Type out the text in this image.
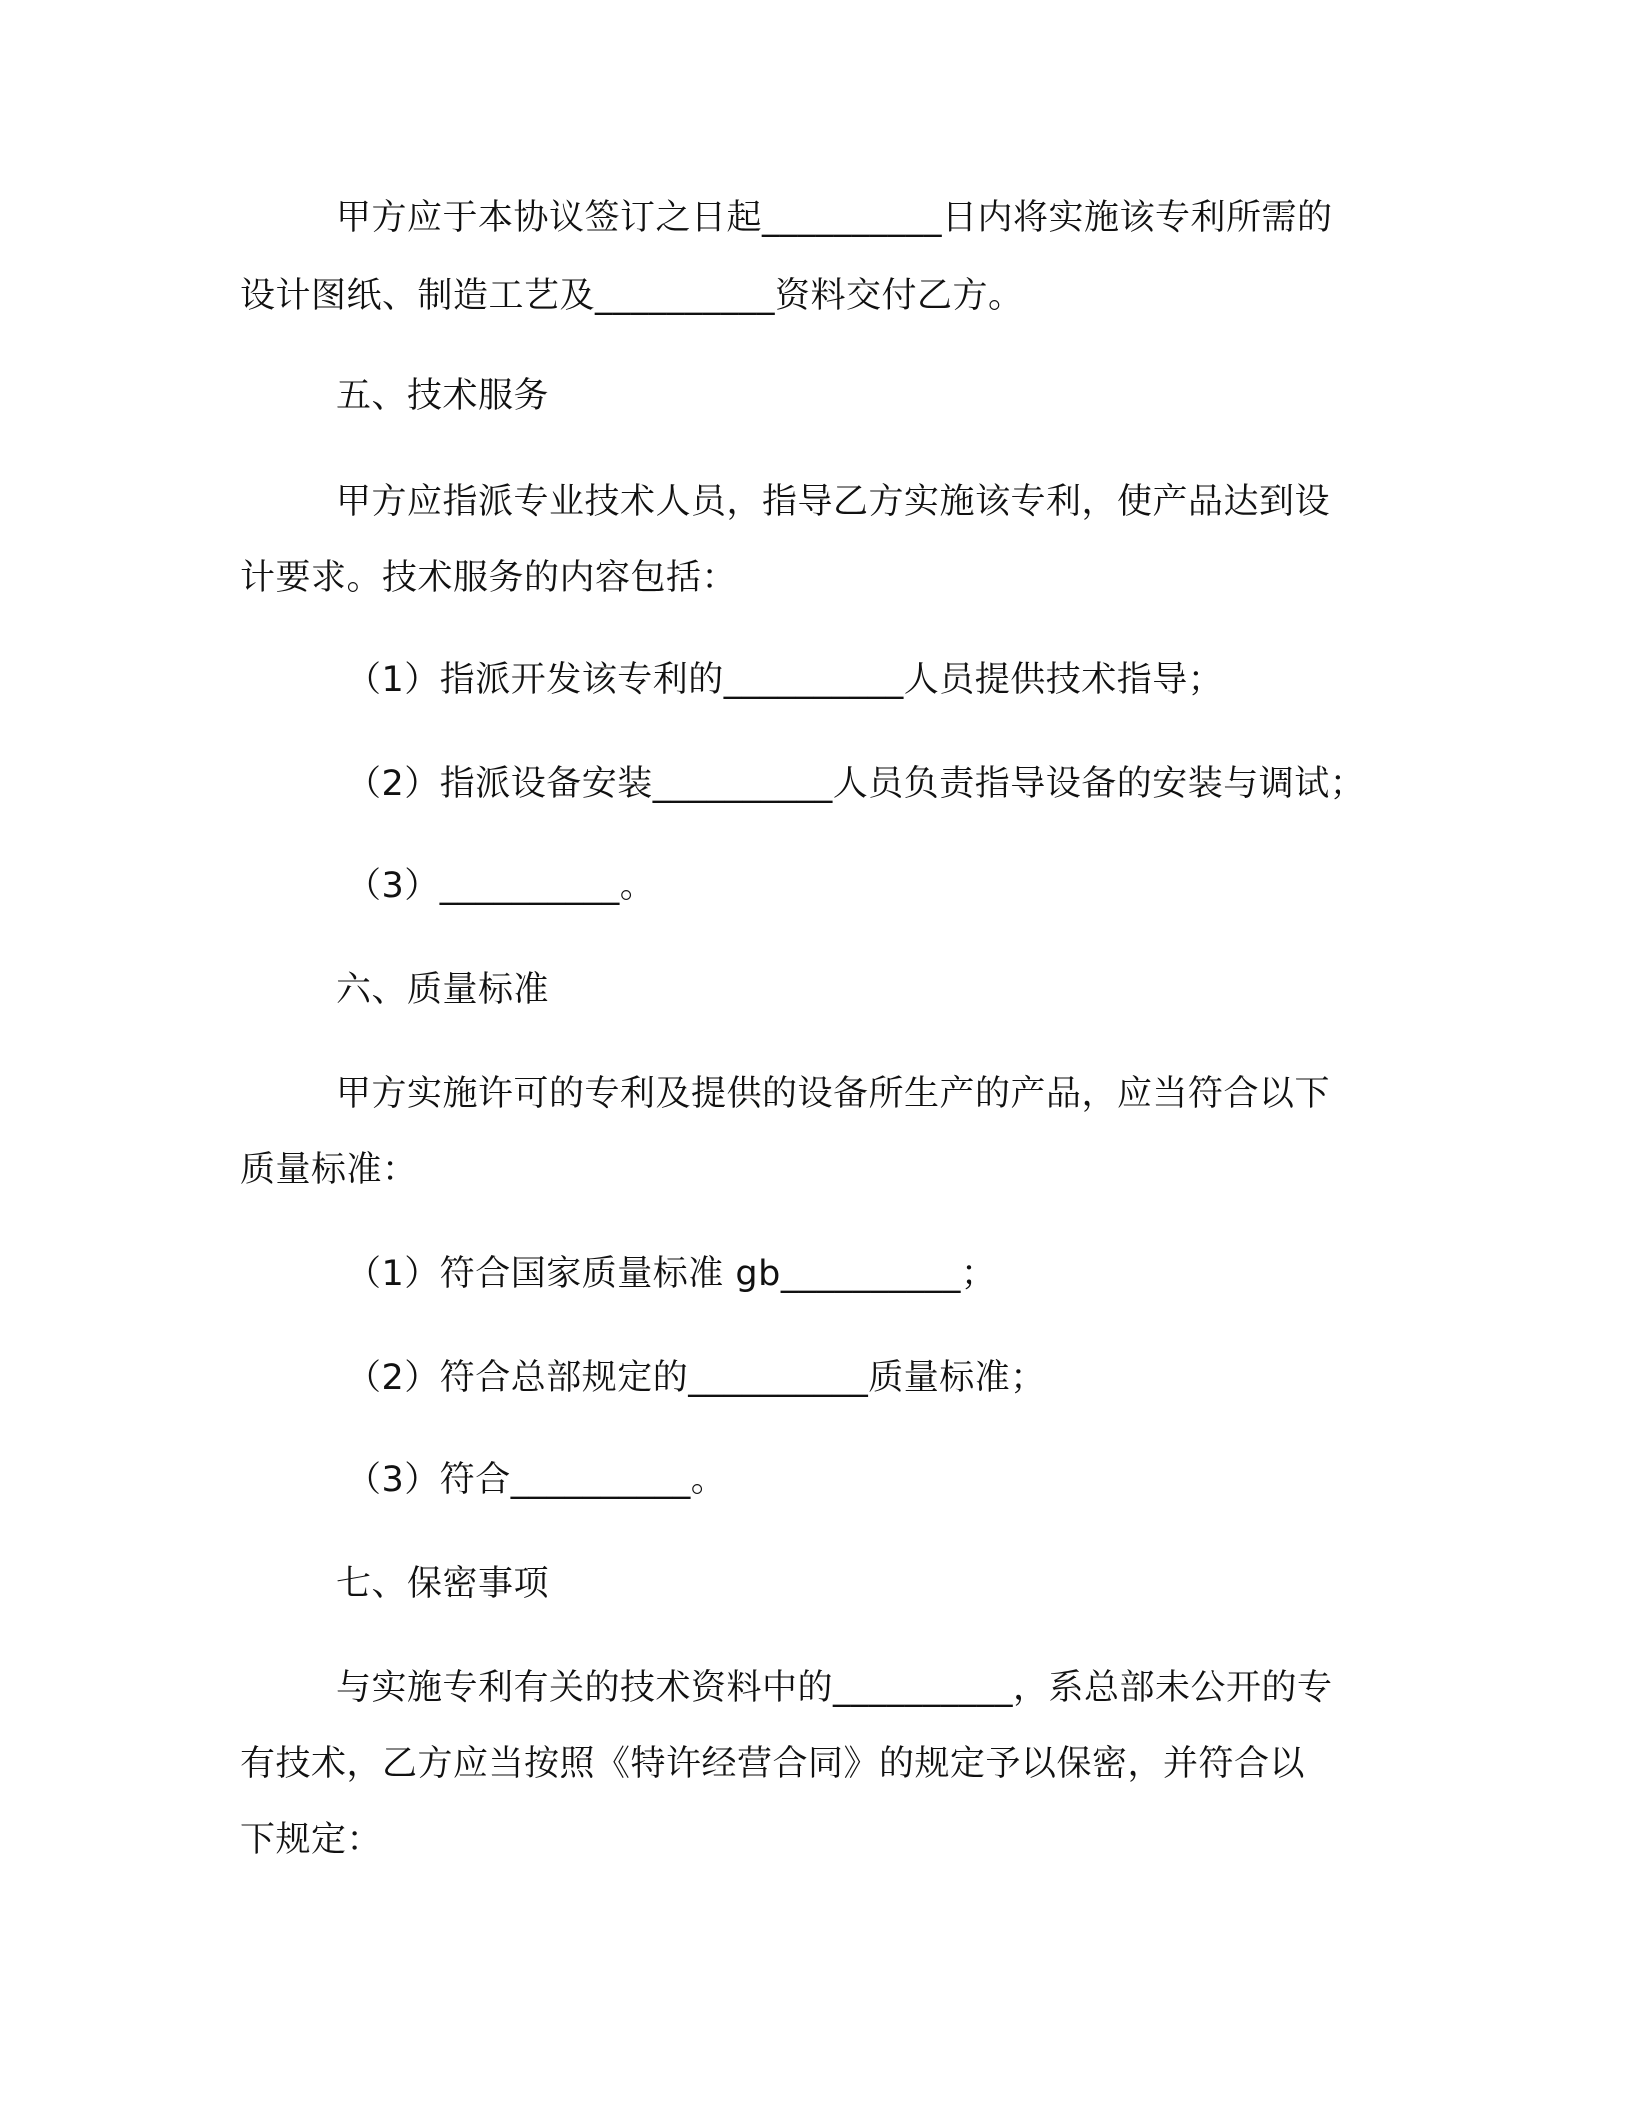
甲方应于本协议签订之日起__________日内将实施该专利所需的
设计图纸、制造工艺及__________资料交付乙方。
五、技术服务
甲方应指派专业技术人员，指导乙方实施该专利，使产品达到设
计要求。技术服务的内容包括：
（1）指派开发该专利的__________人员提供技术指导；
（2）指派设备安装__________人员负责指导设备的安装与调试；
（3）__________。
六、质量标准
甲方实施许可的专利及提供的设备所生产的产品，应当符合以下
质量标准：
（1）符合国家质量标准 gb__________；
（2）符合总部规定的__________质量标准；
（3）符合__________。
七、保密事项
与实施专利有关的技术资料中的__________，系总部未公开的专
有技术，乙方应当按照《特许经营合同》的规定予以保密，并符合以
下规定：
